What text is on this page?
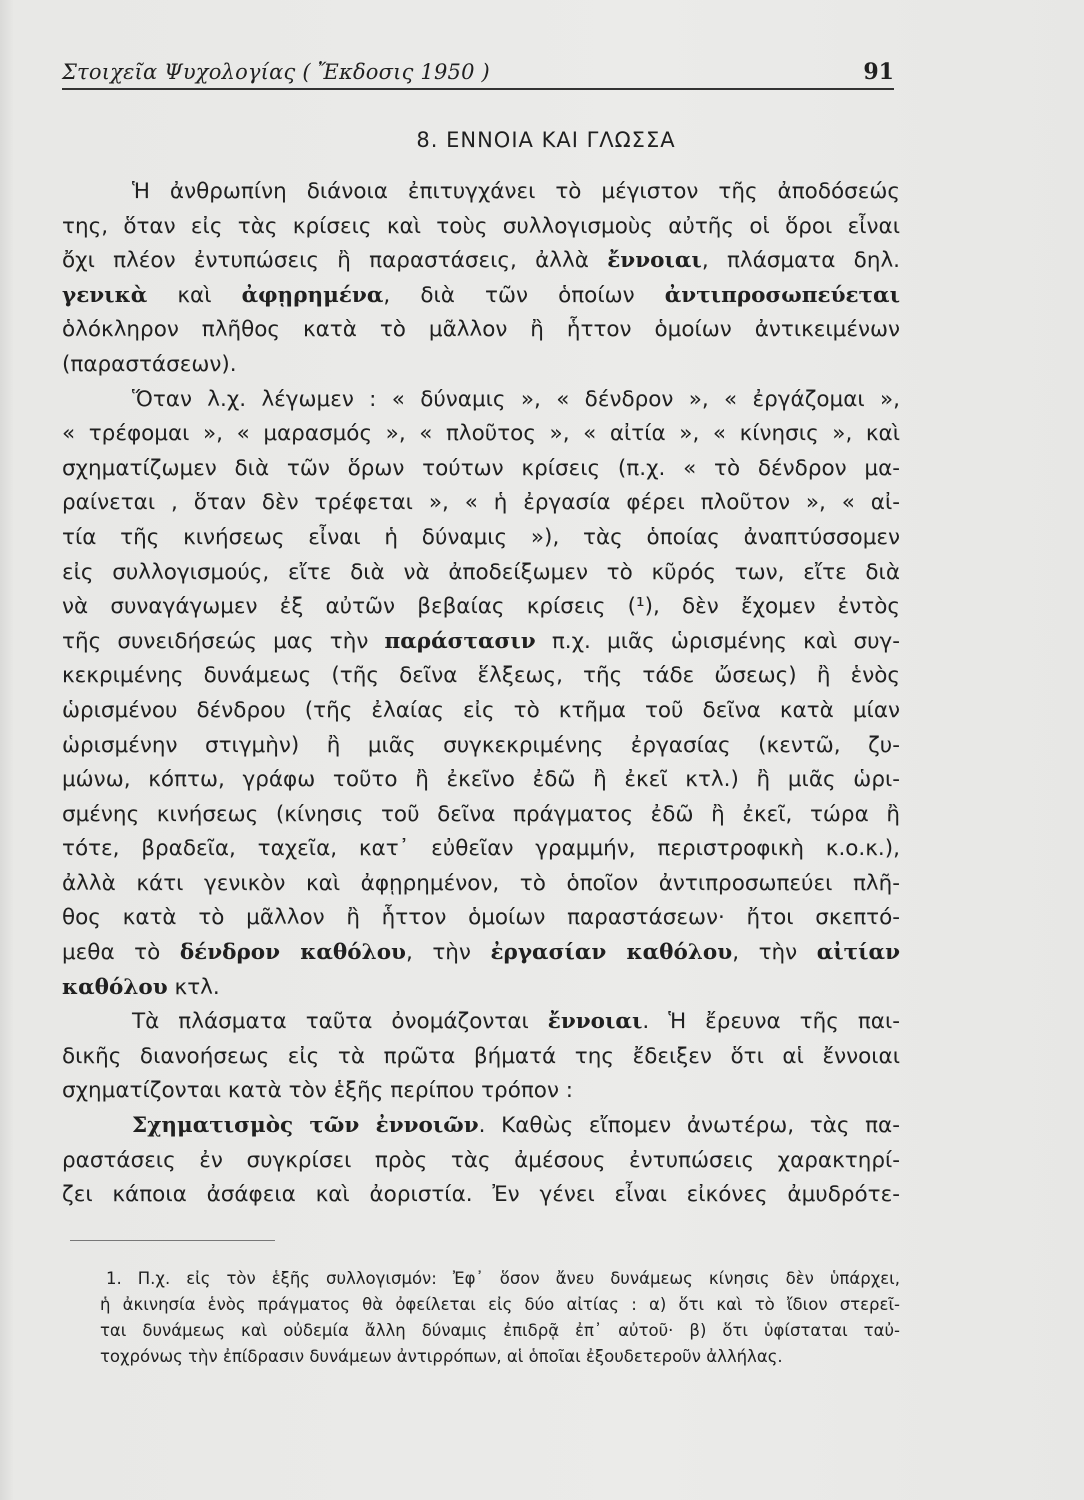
Στοιχεῖα Ψυχολογίας ( Ἔκδοσις 1950 )	91
8. ΕΝΝΟΙΑ ΚΑΙ ΓΛΩΣΣΑ
Ἡ ἀνθρωπίνη διάνοια ἐπιτυγχάνει τὸ μέγιστον τῆς ἀποδόσεώς
της, ὅταν εἰς τὰς κρίσεις καὶ τοὺς συλλογισμοὺς αὐτῆς οἱ ὅροι εἶναι
ὄχι πλέον ἐντυπώσεις ἢ παραστάσεις, ἀλλὰ ἔννοιαι, πλάσματα δηλ.
γενικὰ καὶ ἀφῃρημένα, διὰ τῶν ὁποίων ἀντιπροσωπεύεται
ὁλόκληρον πλῆθος κατὰ τὸ μᾶλλον ἢ ἧττον ὁμοίων ἀντικειμένων
(παραστάσεων).
Ὅταν λ.χ. λέγωμεν : « δύναμις », « δένδρον », « ἐργάζομαι »,
« τρέφομαι », « μαρασμός », « πλοῦτος », « αἰτία », « κίνησις », καὶ
σχηματίζωμεν διὰ τῶν ὅρων τούτων κρίσεις (π.χ. « τὸ δένδρον μα-
ραίνεται , ὅταν δὲν τρέφεται », « ἡ ἐργασία φέρει πλοῦτον », « αἰ-
τία τῆς κινήσεως εἶναι ἡ δύναμις »), τὰς ὁποίας ἀναπτύσσομεν
εἰς συλλογισμούς, εἴτε διὰ νὰ ἀποδείξωμεν τὸ κῦρός των, εἴτε διὰ
νὰ συναγάγωμεν ἐξ αὐτῶν βεβαίας κρίσεις (¹), δὲν ἔχομεν ἐντὸς
τῆς συνειδήσεώς μας τὴν παράστασιν π.χ. μιᾶς ὡρισμένης καὶ συγ-
κεκριμένης δυνάμεως (τῆς δεῖνα ἕλξεως, τῆς τάδε ὤσεως) ἢ ἑνὸς
ὡρισμένου δένδρου (τῆς ἐλαίας εἰς τὸ κτῆμα τοῦ δεῖνα κατὰ μίαν
ὡρισμένην στιγμὴν) ἢ μιᾶς συγκεκριμένης ἐργασίας (κεντῶ, ζυ-
μώνω, κόπτω, γράφω τοῦτο ἢ ἐκεῖνο ἐδῶ ἢ ἐκεῖ κτλ.) ἢ μιᾶς ὡρι-
σμένης κινήσεως (κίνησις τοῦ δεῖνα πράγματος ἐδῶ ἢ ἐκεῖ, τώρα ἢ
τότε, βραδεῖα, ταχεῖα, κατ᾽ εὐθεῖαν γραμμήν, περιστροφικὴ κ.ο.κ.),
ἀλλὰ κάτι γενικὸν καὶ ἀφῃρημένον, τὸ ὁποῖον ἀντιπροσωπεύει πλῆ-
θος κατὰ τὸ μᾶλλον ἢ ἧττον ὁμοίων παραστάσεων· ἤτοι σκεπτό-
μεθα τὸ δένδρον καθόλου, τὴν ἐργασίαν καθόλου, τὴν αἰτίαν
καθόλου κτλ.
Τὰ πλάσματα ταῦτα ὀνομάζονται ἔννοιαι. Ἡ ἔρευνα τῆς παι-
δικῆς διανοήσεως εἰς τὰ πρῶτα βήματά της ἔδειξεν ὅτι αἱ ἔννοιαι
σχηματίζονται κατὰ τὸν ἑξῆς περίπου τρόπον :
Σχηματισμὸς τῶν ἐννοιῶν. Καθὼς εἴπομεν ἀνωτέρω, τὰς πα-
ραστάσεις ἐν συγκρίσει πρὸς τὰς ἀμέσους ἐντυπώσεις χαρακτηρί-
ζει κάποια ἀσάφεια καὶ ἀοριστία. Ἐν γένει εἶναι εἰκόνες ἀμυδρότε-
1. Π.χ. εἰς τὸν ἑξῆς συλλογισμόν: Ἐφ᾽ ὅσον ἄνευ δυνάμεως κίνησις δὲν ὑπάρχει,
ἡ ἀκινησία ἑνὸς πράγματος θὰ ὀφείλεται εἰς δύο αἰτίας : α) ὅτι καὶ τὸ ἴδιον στερεῖ-
ται δυνάμεως καὶ οὐδεμία ἄλλη δύναμις ἐπιδρᾷ ἐπ᾽ αὐτοῦ· β) ὅτι ὑφίσταται ταὐ-
τοχρόνως τὴν ἐπίδρασιν δυνάμεων ἀντιρρόπων, αἱ ὁποῖαι ἐξουδετεροῦν ἀλλήλας.
